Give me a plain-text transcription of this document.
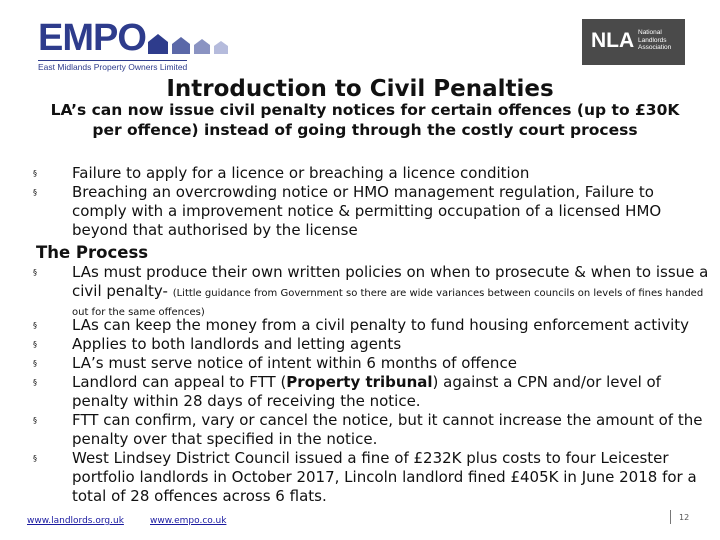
EMPO
East Midlands Property Owners Limited
NLA National
Landlords
Association
Introduction to Civil Penalties
LA’s can now issue civil penalty notices for certain offences (up to £30K per offence) instead of going through the costly court process
§ Failure to apply for a licence or breaching a licence condition
§ Breaching an overcrowding notice or HMO management regulation, Failure to comply with a improvement notice & permitting occupation of a licensed HMO beyond that authorised by the license
The Process
§ LAs must produce their own written policies on when to prosecute & when to issue a civil penalty- (Little guidance from Government so there are wide variances between councils on levels of fines handed out for the same offences)
§ LAs can keep the money from a civil penalty to fund housing enforcement activity
§ Applies to both landlords and letting agents
§ LA’s must serve notice of intent within 6 months of offence
§ Landlord can appeal to FTT (Property tribunal) against a CPN and/or level of penalty within 28 days of receiving the notice.
§ FTT can confirm, vary or cancel the notice, but it cannot increase the amount of the penalty over that specified in the notice.
§ West Lindsey District Council issued a fine of £232K plus costs to four Leicester portfolio landlords in October 2017, Lincoln landlord fined £405K in June 2018 for a total of 28 offences across 6 flats.
www.landlords.org.uk	www.empo.co.uk	12
